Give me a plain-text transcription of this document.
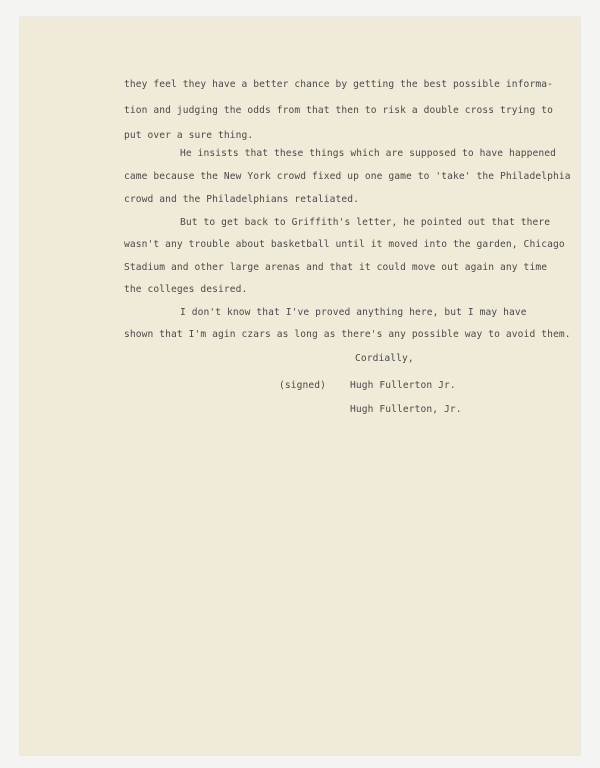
they feel they have a better chance by getting the best possible informa-
tion and judging the odds from that then to risk a double cross trying to
put over a sure thing.
He insists that these things which are supposed to have happened
came because the New York crowd fixed up one game to 'take' the Philadelphia
crowd and the Philadelphians retaliated.
But to get back to Griffith's letter, he pointed out that there
wasn't any trouble about basketball until it moved into the garden, Chicago
Stadium and other large arenas and that it could move out again any time
the colleges desired.
I don't know that I've proved anything here, but I may have
shown that I'm agin czars as long as there's any possible way to avoid them.
Cordially,
(signed) Hugh Fullerton Jr.
Hugh Fullerton, Jr.
